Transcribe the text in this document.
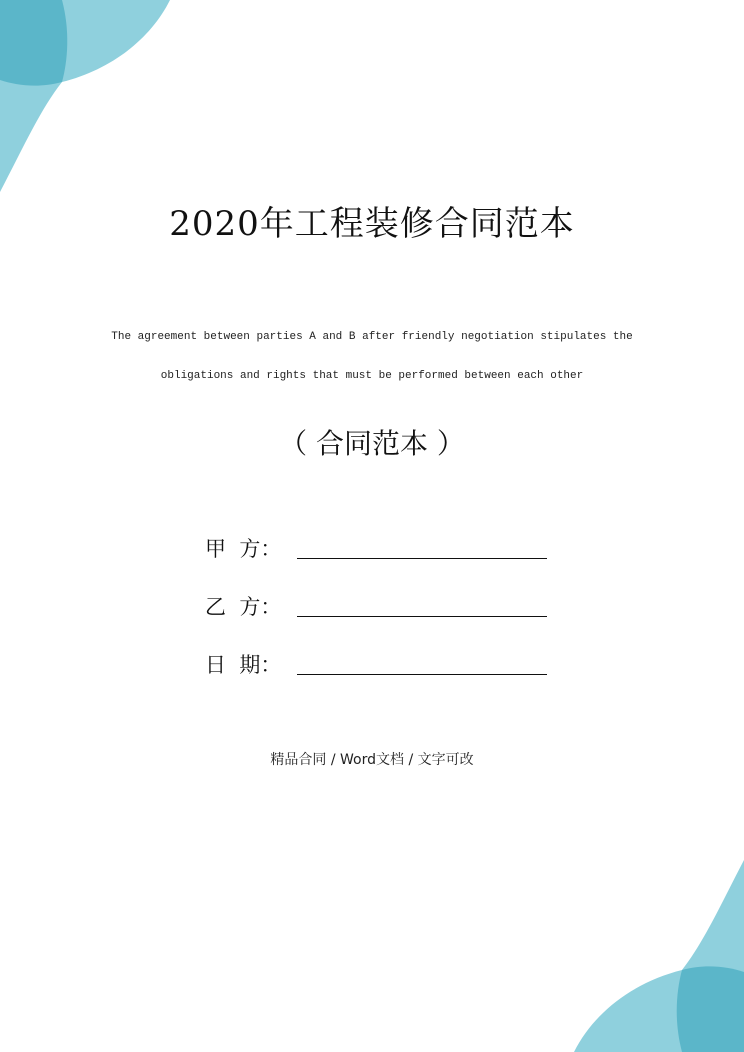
2020年工程装修合同范本
The agreement between parties A and B after friendly negotiation stipulates the
obligations and rights that must be performed between each other
（ 合同范本 ）
甲  方：
乙  方：
日  期：
精品合同 / Word文档 / 文字可改
